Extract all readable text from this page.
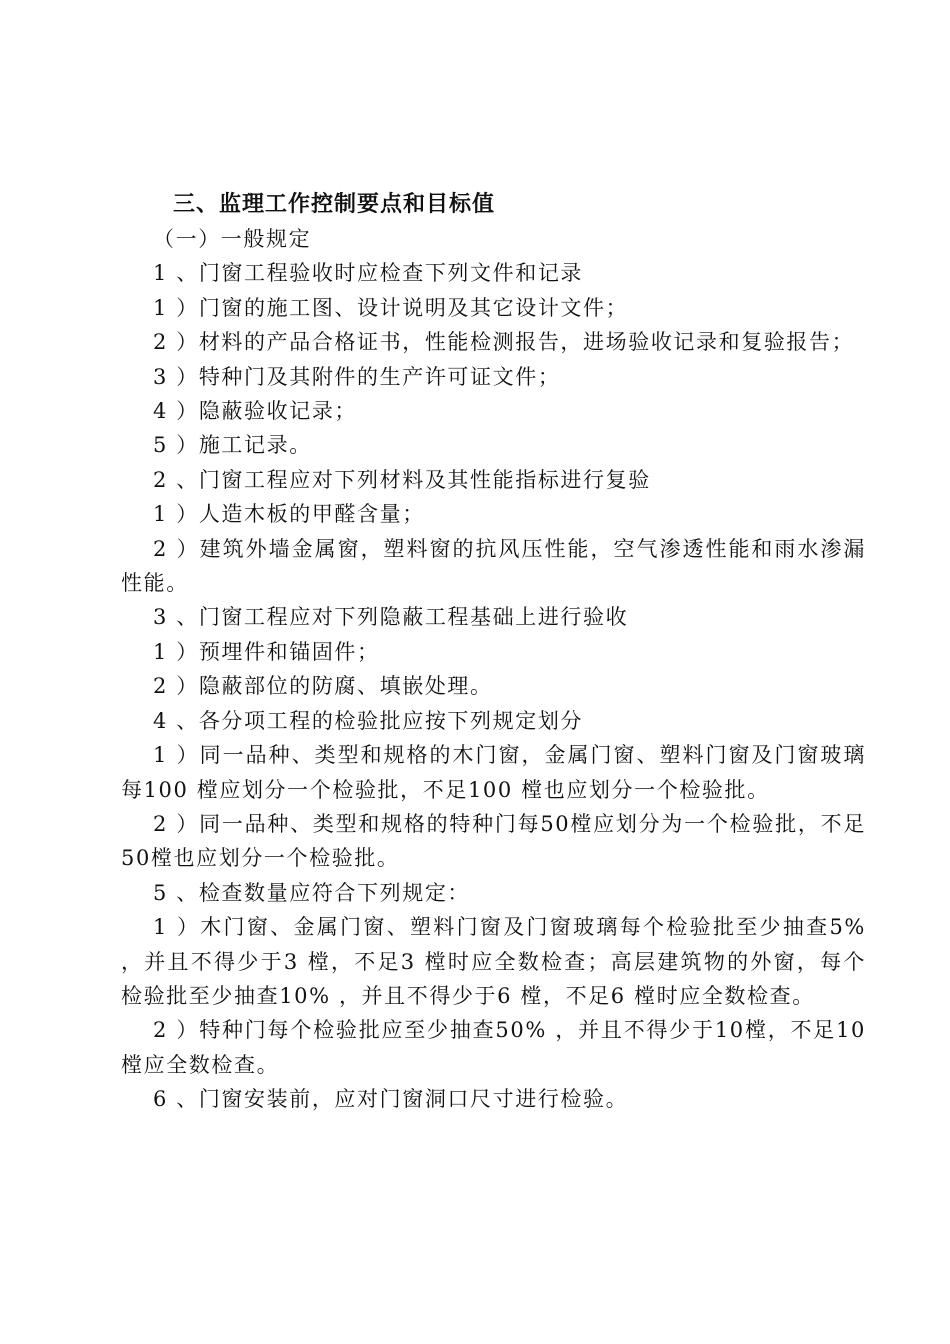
三、监理工作控制要点和目标值

（一）一般规定

1 、门窗工程验收时应检查下列文件和记录

1 ）门窗的施工图、设计说明及其它设计文件；

2 ）材料的产品合格证书，性能检测报告，进场验收记录和复验报告；

3 ）特种门及其附件的生产许可证文件；

4 ）隐蔽验收记录；

5 ）施工记录。

2 、门窗工程应对下列材料及其性能指标进行复验

1 ）人造木板的甲醛含量；

2 ）建筑外墙金属窗，塑料窗的抗风压性能，空气渗透性能和雨水渗漏性能。

3 、门窗工程应对下列隐蔽工程基础上进行验收

1 ）预埋件和锚固件；

2 ）隐蔽部位的防腐、填嵌处理。

4 、各分项工程的检验批应按下列规定划分

1 ）同一品种、类型和规格的木门窗，金属门窗、塑料门窗及门窗玻璃每100 樘应划分一个检验批，不足100 樘也应划分一个检验批。

2 ）同一品种、类型和规格的特种门每50樘应划分为一个检验批，不足50樘也应划分一个检验批。

5 、检查数量应符合下列规定：

1 ）木门窗、金属门窗、塑料门窗及门窗玻璃每个检验批至少抽查5% ，并且不得少于3 樘，不足3 樘时应全数检查；高层建筑物的外窗，每个检验批至少抽查10% ，并且不得少于6 樘，不足6 樘时应全数检查。

2 ）特种门每个检验批应至少抽查50% ，并且不得少于10樘，不足10樘应全数检查。

6 、门窗安装前，应对门窗洞口尺寸进行检验。
